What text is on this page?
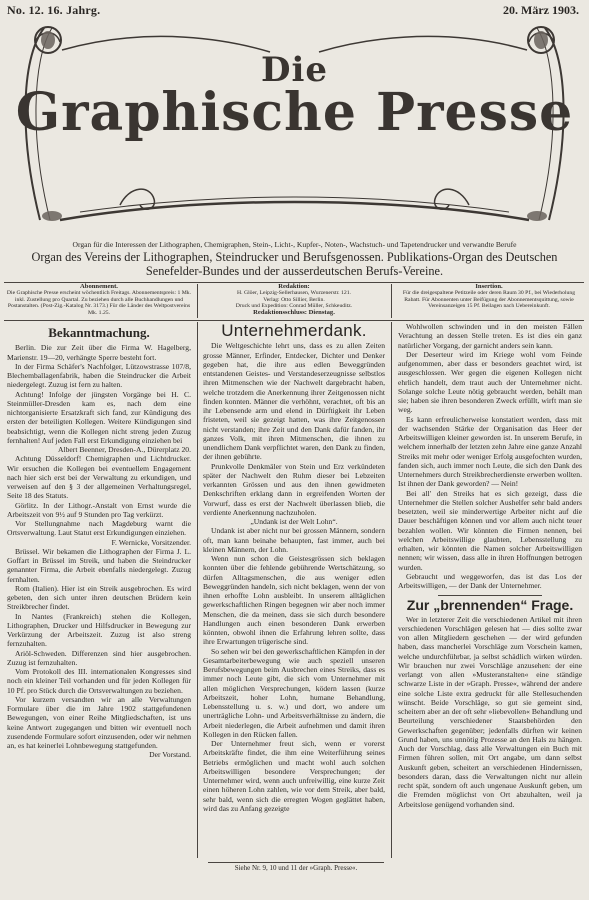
No. 12. 16. Jahrg.	20. März 1903.
Die
Graphische Presse
Organ für die Interessen der Lithographen, Chemigraphen, Stein-, Licht-, Kupfer-, Noten-, Wachstuch- und Tapetendrucker und verwandte Berufe
Organ des Vereins der Lithographen, Steindrucker und Berufsgenossen. Publikations-Organ des Deutschen Senefelder-Bundes und der ausserdeutschen Berufs-Vereine.
Abonnement.
Die Graphische Presse erscheint wöchentlich Freitags. Abonnementspreis: 1 Mk. inkl. Zustellung pro Quartal. Zu beziehen durch alle Buchhandlungen und Postanstalten. (Post-Zig.-Katalog Nr. 3173.) Für die Länder des Weltpostvereins Mk. 1.25.
Redaktion:
H. Glöer, Leipzig-Sellerhausen, Wurzenerstr. 121.
Verlag: Otto Sillier, Berlin.
Druck und Expedition: Conrad Müller, Schkeuditz.
Redaktionsschluss: Dienstag.
Insertion.
Für die dreigespaltene Petitzeile oder deren Raum 30 Pf., bei Wiederholung Rabatt. Für Abonnenten unter Beifügung der Abonnementsquittung, sowie Vereinsanzeigen 15 Pf. Beilagen nach Uebereinkunft.
Bekanntmachung.

Berlin. Die zur Zeit über die Firma W. Hagelberg, Marienstr. 19—20, verhängte Sperre besteht fort.

In der Firma Schäfer's Nachfolger, Lützowstrasse 107/8, Blechemballagenfabrik, haben die Steindrucker die Arbeit niedergelegt. Zuzug ist fern zu halten.

Achtung! Infolge der jüngsten Vorgänge bei H. C. Steinmüller-Dresden kam es, nach dem eine nichtorganisierte Ersatzkraft sich fand, zur Kündigung des ersten der beteiligten Kollegen. Weitere Kündigungen sind beabsichtigt, wenn die Kollegen nicht streng jeden Zuzug fernhalten! Auf jeden Fall erst Erkundigung einziehen bei

Albert Beenner, Dresden-A., Dürerplatz 20.

Achtung Düsseldorf! Chemigraphen und Lichtdrucker. Wir ersuchen die Kollegen bei eventuellem Engagement nach hier sich erst bei der Verwaltung zu erkundigen, und verweisen auf den § 3 der allgemeinen Verhaltungsregel, Seite 18 des Statuts.

Görlitz. In der Lithogr.-Anstalt von Ernst wurde die Arbeitszeit von 9½ auf 9 Stunden pro Tag verkürzt.

Vor Stellungnahme nach Magdeburg warnt die Ortsverwaltung. Laut Statut erst Erkundigungen einziehen.

F. Wernicke, Vorsitzender.

Brüssel. Wir bekamen die Lithographen der Firma J. L. Goffart in Brüssel im Streik, und haben die Steindrucker genannter Firma, die Arbeit ebenfalls niedergelegt. Zuzug fernhalten.

Rom (Italien). Hier ist ein Streik ausgebrochen. Es wird gebeten, den sich unter ihren deutschen Brüdern kein Streikbrecher findet.

In Nantes (Frankreich) stehen die Kollegen, Lithographen, Drucker und Hilfsdrucker in Bewegung zur Verkürzung der Arbeitszeit. Zuzug ist also streng fernzuhalten.

Ariöl-Schweden. Differenzen sind hier ausgebrochen. Zuzug ist fernzuhalten.

Vom Protokoll des III. internationalen Kongresses sind noch ein kleiner Teil vorhanden und für jeden Kollegen für 10 Pf. pro Stück durch die Ortsverwaltungen zu beziehen.

Vor kurzem versandten wir an alle Verwaltungen Formulare über die im Jahre 1902 stattgefundenen Bewegungen, von einer Reihe Mitgliedschaften, ist uns keine Antwort zugegangen und bitten wir eventuell noch zusendende Formulare sofort einzusenden, oder wir nehmen an, es hat keinerlei Lohnbewegung stattgefunden.

Der Vorstand.

Unternehmerdank.

Die Weltgeschichte lehrt uns, dass es zu allen Zeiten grosse Männer, Erfinder, Entdecker, Dichter und Denker gegeben hat, die ihre aus edlen Beweggründen entstandenen Geistes- und Verstandeserzeugnisse selbstlos ihren Mitmenschen wie der Nachwelt dargebracht haben, welche trotzdem die Anerkennung ihrer Zeitgenossen nicht finden konnten. Männer die verhöhnt, verachtet, oft bis an ihr Lebensende arm und elend in Dürftigkeit ihr Leben fristeten, weil sie gezeigt hatten, was ihre Zeitgenossen nicht verstanden; ihre Zeit und den Dank dafür fanden, ihr ganzes Volk, mit ihren Mitmenschen, die ihnen zu unendlichem Dank verpflichtet waren, den Dank zu finden, der ihnen gebührte.

Prunkvolle Denkmäler von Stein und Erz verkündeten später der Nachwelt den Ruhm dieser bei Lebzeiten verkannten Grössen und aus den ihnen gewidmeten Denkschriften erklang dann in ergreifenden Worten der Vorwurf, dass es erst der Nachwelt überlassen blieb, die verdiente Anerkennung nachzuholen.

„Undank ist der Welt Lohn“.

Undank ist aber nicht nur bei grossen Männern, sondern oft, man kann beinahe behaupten, fast immer, auch bei kleinen Männern, der Lohn.

Wenn nun schon die Geistesgrössen sich beklagen konnten über die fehlende gebührende Wertschätzung, so dürfen Alltagsmenschen, die aus weniger edlen Beweggründen handeln, sich nicht beklagen, wenn der von ihnen erhoffte Lohn ausbleibt. In unserem alltäglichen gewerkschaftlichen Ringen begegnen wir aber noch immer Menschen, die da meinen, dass sie sich durch besondere Handlungen auch einen besonderen Dank erwerben könnten, obwohl ihnen die Erfahrung lehren sollte, dass ihre Erwartungen trügerische sind.

So sehen wir bei den gewerkschaftlichen Kämpfen in der Gesamtarbeiterbewegung wie auch speziell unseren Berufsbewegungen beim Ausbrechen eines Streiks, dass es immer noch Leute gibt, die sich vom Unternehmer mit allen möglichen Versprechungen, ködern lassen (kurze Arbeitszeit, hoher Lohn, humane Behandlung, Lebensstellung u. s. w.) und dort, wo andere um unerträgliche Lohn- und Arbeitsverhältnisse zu ändern, die Arbeit niederlegen, die Arbeit aufnehmen und damit ihren Kollegen in den Rücken fallen.

Der Unternehmer freut sich, wenn er vorerst Arbeitskräfte findet, die ihm eine Weiterführung seines Betriebs ermöglichen und macht wohl auch solchen Arbeitswilligen besondere Versprechungen; der Unternehmer wird, wenn auch unfreiwillig, eine kurze Zeit einen höheren Lohn zahlen, wie vor dem Streik, aber bald, sehr bald, wenn sich die erregten Wogen geglättet haben, wird das zu Anfang gezeigte

Wohlwollen schwinden und in den meisten Fällen Verachtung an dessen Stelle treten. Es ist dies ein ganz natürlicher Vorgang, der garnicht anders sein kann.

Der Deserteur wird im Kriege wohl vom Feinde aufgenommen, aber dass er besonders geachtet wird, ist ausgeschlossen. Wer gegen die eigenen Kollegen nicht ehrlich handelt, dem traut auch der Unternehmer nicht. Solange solche Leute nötig gebraucht werden, behält man sie; haben sie ihren besonderen Zweck erfüllt, wirft man sie weg.

Es kann erfreulicherweise konstatiert werden, dass mit der wachsenden Stärke der Organisation das Heer der Arbeitswilligen kleiner geworden ist. In unserem Berufe, in welchem innerhalb der letzten zehn Jahre eine ganze Anzahl Streiks mit mehr oder weniger Erfolg ausgefochten wurden, fanden sich, auch immer noch Leute, die sich den Dank des Unternehmers durch Streikbrecherdienste erwerben wollten. Ist ihnen der Dank geworden? — Nein!

Bei all' den Streiks hat es sich gezeigt, dass die Unternehmer die Stellen solcher Aushelfer sehr bald anders besetzten, weil sie minderwertige Arbeiter nicht auf die Dauer beschäftigen können und vor allem auch nicht teuer bezahlen wollen. Wir könnten die Firmen nennen, bei welchen Arbeitswillige glaubten, Lebensstellung zu erhalten, wir könnten die Namen solcher Arbeitswilligen nennen; wir wissen, dass alle in ihren Hoffnungen betrogen wurden.

Gebraucht und weggeworfen, das ist das Los der Arbeitswilligen, — der Dank der Unternehmer.

Zur „brennenden“ Frage.

Wer in letzterer Zeit die verschiedenen Artikel mit ihren verschiedenen Vorschlägen gelesen hat — dies sollte zwar von allen Mitgliedern geschehen — der wird gefunden haben, dass mancherlei Vorschläge zum Vorschein kamen, welche undurchführbar, ja selbst schädlich wirken würden. Wir brauchen nur zwei Vorschläge anzusehen: der eine verlangt von allen »Musteranstalten« eine ständige schwarze Liste in der »Graph. Presse«, während der andere eine solche Liste extra gedruckt für alle Stellesuchenden wünscht. Beide Vorschläge, so gut sie gemeint sind, scheitern aber an der oft sehr »liebevollen« Behandlung und Beurteilung verschiedener Staatsbehörden den Gewerkschaften gegenüber; jedenfalls dürften wir keinen Grund haben, uns unnötig Prozesse an den Hals zu hängen. Auch der Vorschlag, dass alle Verwaltungen ein Buch mit Firmen führen sollen, mit Ort angabe, um dann selbst Auskunft geben, scheitert an verschiedenen Hindernissen, besonders daran, dass die Verwaltungen nicht nur allein recht spät, sondern oft auch ungenaue Auskunft geben, um die Fremden möglichst von Ort abzuhalten, weil ja Arbeitslose genügend vorhanden sind.

Siehe Nr. 9, 10 und 11 der »Graph. Presse«.
